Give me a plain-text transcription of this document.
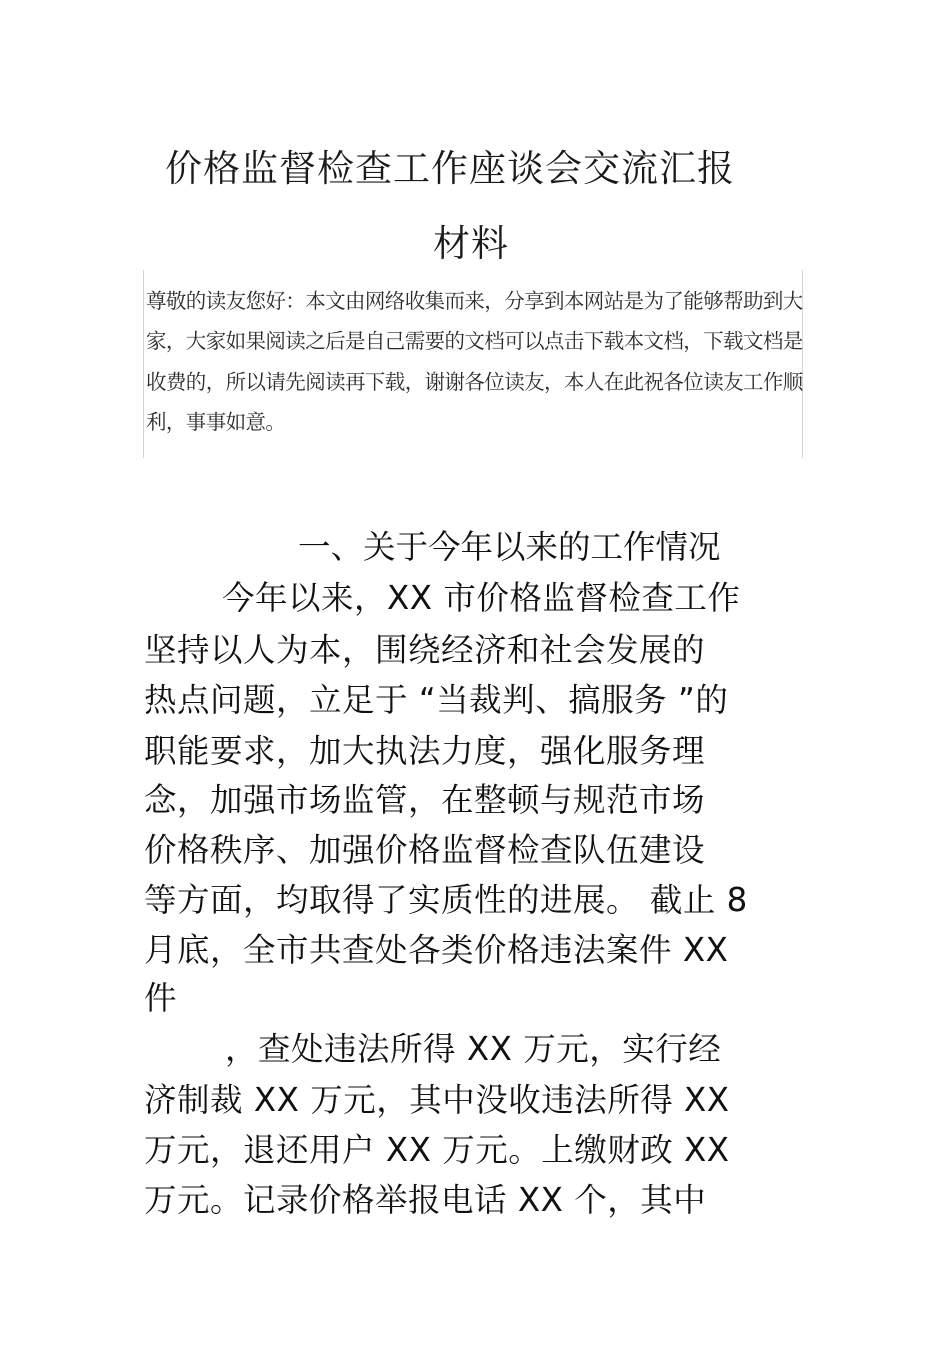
价格监督检查工作座谈会交流汇报
材料
尊敬的读友您好：本文由网络收集而来，分享到本网站是为了能够帮助到大
家，大家如果阅读之后是自己需要的文档可以点击下载本文档，下载文档是
收费的，所以请先阅读再下载，谢谢各位读友，本人在此祝各位读友工作顺
利，事事如意。
一、关于今年以来的工作情况
今年以来，XX 市价格监督检查工作
坚持以人为本，围绕经济和社会发展的
热点问题，立足于 “当裁判、搞服务 ”的
职能要求，加大执法力度，强化服务理
念，加强市场监管，在整顿与规范市场
价格秩序、加强价格监督检查队伍建设
等方面，均取得了实质性的进展。 截止 8
月底，全市共查处各类价格违法案件 XX
件
，查处违法所得 XX 万元，实行经
济制裁 XX 万元，其中没收违法所得 XX
万元，退还用户 XX 万元。上缴财政 XX
万元。记录价格举报电话 XX 个，其中
